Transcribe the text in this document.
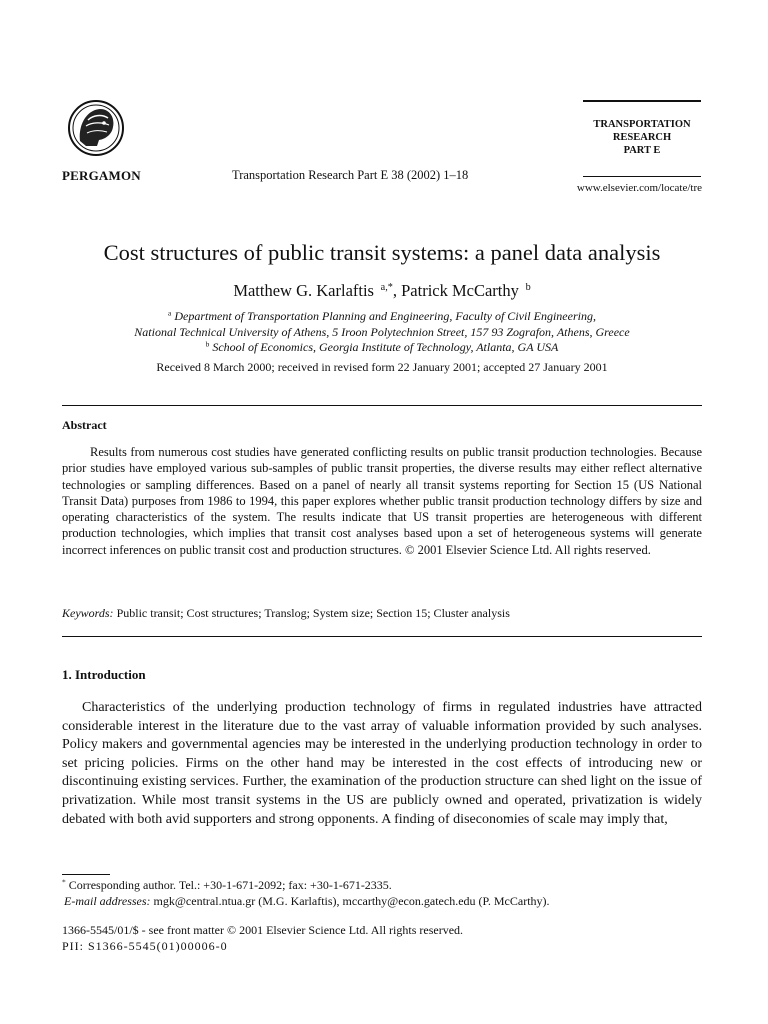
PERGAMON	Transportation Research Part E 38 (2002) 1–18
TRANSPORTATION
RESEARCH
PART E
www.elsevier.com/locate/tre
Cost structures of public transit systems: a panel data analysis
Matthew G. Karlaftis $^{a,*}$, Patrick McCarthy $^b$
$^a$ Department of Transportation Planning and Engineering, Faculty of Civil Engineering,
National Technical University of Athens, 5 Iroon Polytechnion Street, 157 93 Zografon, Athens, Greece
$^b$ School of Economics, Georgia Institute of Technology, Atlanta, GA USA
Received 8 March 2000; received in revised form 22 January 2001; accepted 27 January 2001
Abstract
Results from numerous cost studies have generated conflicting results on public transit production technologies. Because prior studies have employed various sub-samples of public transit properties, the diverse results may either reflect alternative technologies or sampling differences. Based on a panel of nearly all transit systems reporting for Section 15 (US National Transit Data) purposes from 1986 to 1994, this paper explores whether public transit production technology differs by size and operating characteristics of the system. The results indicate that US transit properties are heterogeneous with different production technologies, which implies that transit cost analyses based upon a set of heterogeneous systems will generate incorrect inferences on public transit cost and production structures. © 2001 Elsevier Science Ltd. All rights reserved.
Keywords: Public transit; Cost structures; Translog; System size; Section 15; Cluster analysis
1. Introduction
Characteristics of the underlying production technology of firms in regulated industries have attracted considerable interest in the literature due to the vast array of valuable information provided by such analyses. Policy makers and governmental agencies may be interested in the underlying production technology in order to set pricing policies. Firms on the other hand may be interested in the cost effects of introducing new or discontinuing existing services. Further, the examination of the production structure can shed light on the issue of privatization. While most transit systems in the US are publicly owned and operated, privatization is widely debated with both avid supporters and strong opponents. A finding of diseconomies of scale may imply that,
* Corresponding author. Tel.: +30-1-671-2092; fax: +30-1-671-2335.
E-mail addresses: mgk@central.ntua.gr (M.G. Karlaftis), mccarthy@econ.gatech.edu (P. McCarthy).
1366-5545/01/$ - see front matter © 2001 Elsevier Science Ltd. All rights reserved.
PII: S1366-5545(01)00006-0
